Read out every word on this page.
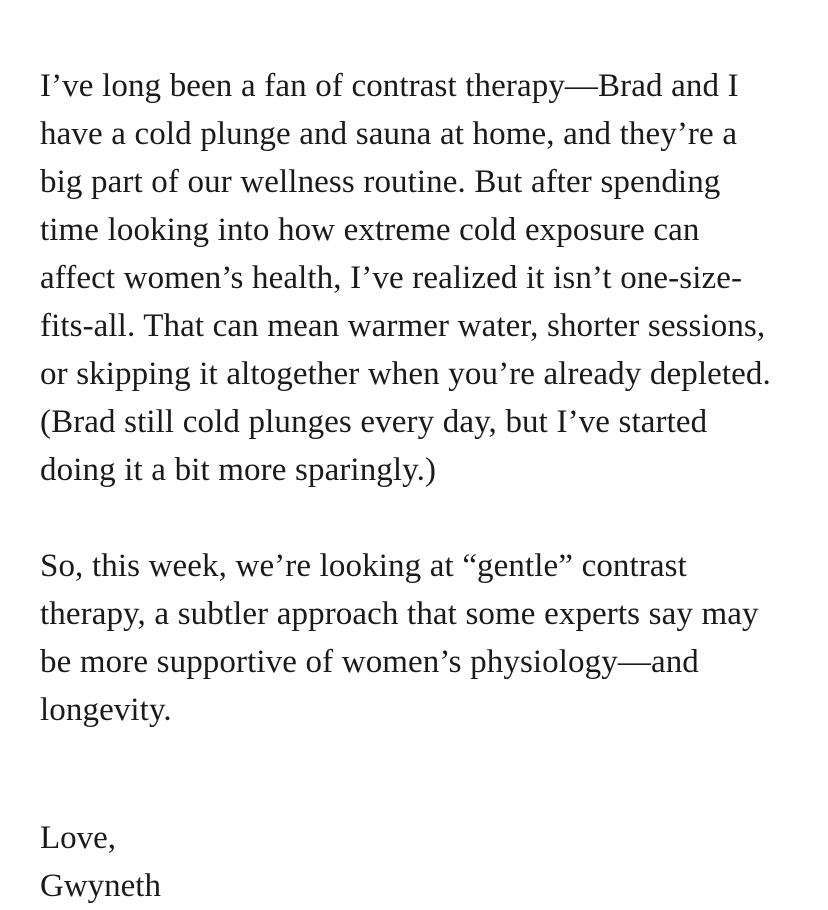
I’ve long been a fan of contrast therapy—Brad and I have a cold plunge and sauna at home, and they’re a big part of our wellness routine. But after spending time looking into how extreme cold exposure can affect women’s health, I’ve realized it isn’t one-size-fits-all. That can mean warmer water, shorter sessions, or skipping it altogether when you’re already depleted. (Brad still cold plunges every day, but I’ve started doing it a bit more sparingly.)

So, this week, we’re looking at “gentle” contrast therapy, a subtler approach that some experts say may be more supportive of women’s physiology—and longevity.

Love,
Gwyneth
